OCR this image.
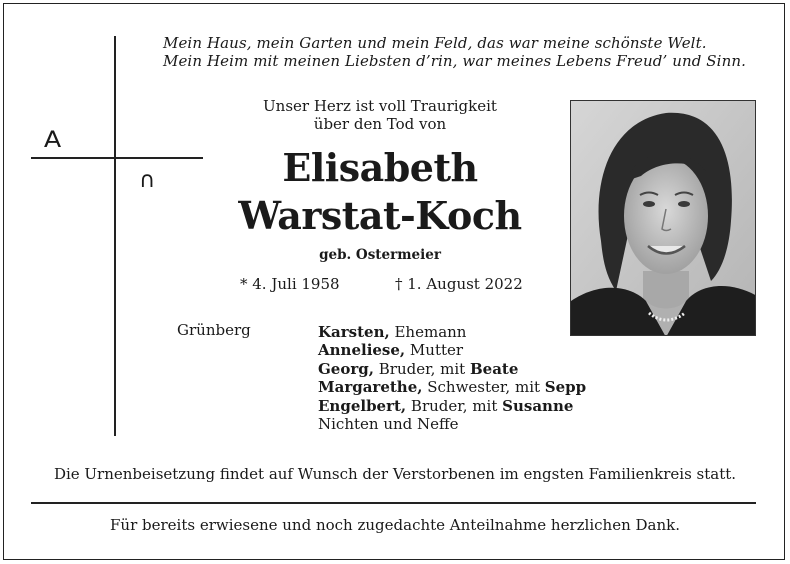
Mein Haus, mein Garten und mein Feld, das war meine schönste Welt.
Mein Heim mit meinen Liebsten d’rin, war meines Lebens Freud’ und Sinn.
A
∩
Unser Herz ist voll Traurigkeit
über den Tod von
Elisabeth
Warstat-Koch
geb. Ostermeier
* 4. Juli 1958	† 1. August 2022
Grünberg	Karsten, Ehemann
Anneliese, Mutter
Georg, Bruder, mit Beate
Margarethe, Schwester, mit Sepp
Engelbert, Bruder, mit Susanne
Nichten und Neffe
Die Urnenbeisetzung findet auf Wunsch der Verstorbenen im engsten Familienkreis statt.
Für bereits erwiesene und noch zugedachte Anteilnahme herzlichen Dank.
